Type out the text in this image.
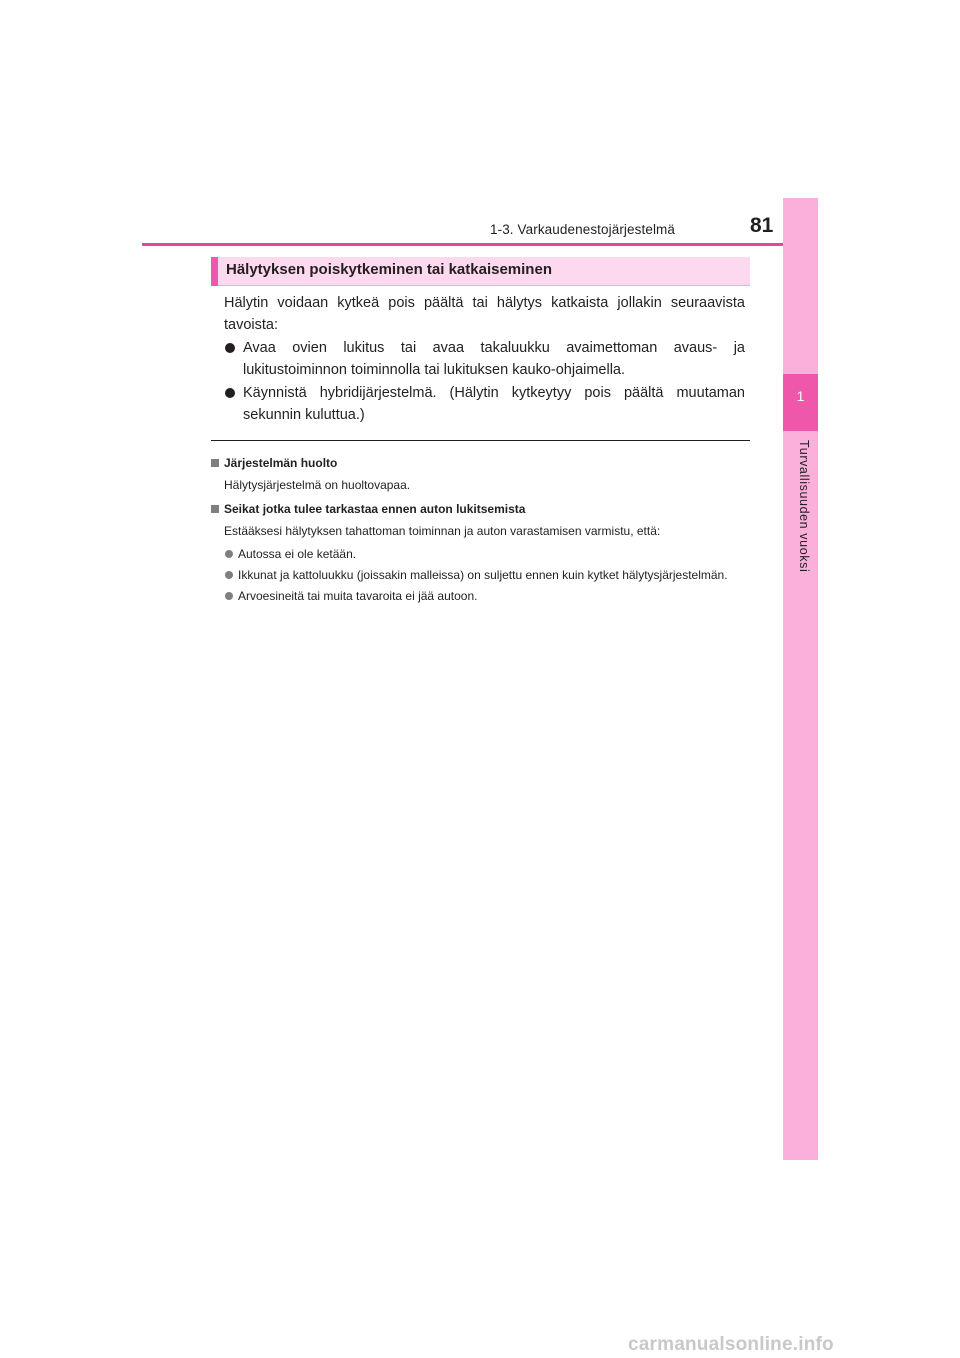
1-3. Varkaudenestojärjestelmä	81
1
Turvallisuuden vuoksi
Hälytyksen poiskytkeminen tai katkaiseminen

Hälytin voidaan kytkeä pois päältä tai hälytys katkaista jollakin seuraavista tavoista:

Avaa ovien lukitus tai avaa takaluukku avaimettoman avaus- ja lukitustoiminnon toiminnolla tai lukituksen kauko-ohjaimella.
Käynnistä hybridijärjestelmä. (Hälytin kytkeytyy pois päältä muutaman sekunnin kuluttua.)
Järjestelmän huolto
Hälytysjärjestelmä on huoltovapaa.
Seikat jotka tulee tarkastaa ennen auton lukitsemista
Estääksesi hälytyksen tahattoman toiminnan ja auton varastamisen varmistu, että:
Autossa ei ole ketään.
Ikkunat ja kattoluukku (joissakin malleissa) on suljettu ennen kuin kytket hälytysjärjestelmän.
Arvoesineitä tai muita tavaroita ei jää autoon.
carmanualsonline.info
